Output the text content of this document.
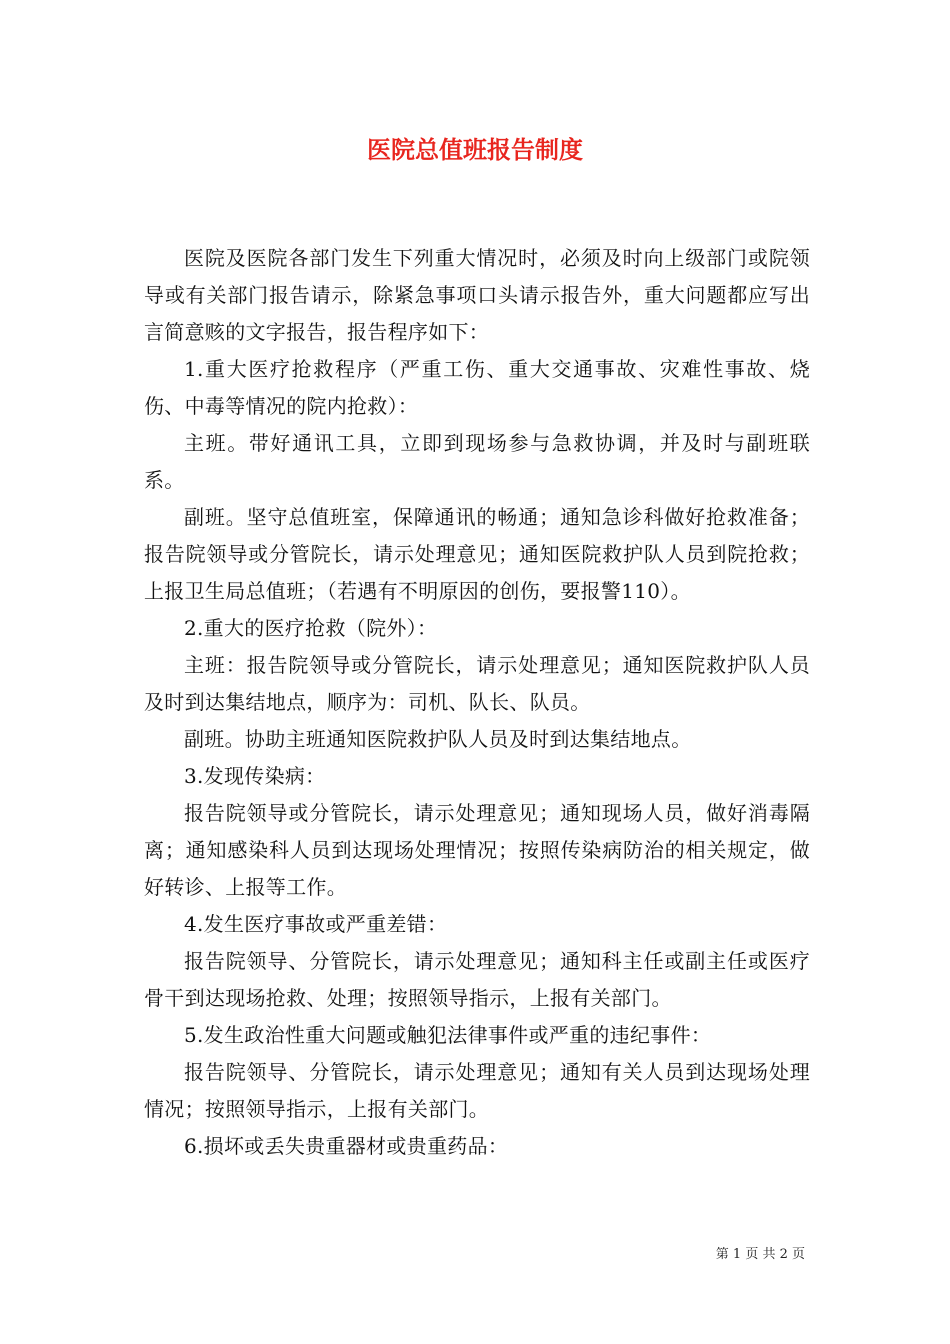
医院总值班报告制度

医院及医院各部门发生下列重大情况时，必须及时向上级部门或院领导或有关部门报告请示，除紧急事项口头请示报告外，重大问题都应写出言简意赅的文字报告，报告程序如下：

1.重大医疗抢救程序（严重工伤、重大交通事故、灾难性事故、烧伤、中毒等情况的院内抢救）：

主班。带好通讯工具，立即到现场参与急救协调，并及时与副班联系。

副班。坚守总值班室，保障通讯的畅通；通知急诊科做好抢救准备；报告院领导或分管院长，请示处理意见；通知医院救护队人员到院抢救；上报卫生局总值班；（若遇有不明原因的创伤，要报警110）。

2.重大的医疗抢救（院外）：

主班：报告院领导或分管院长，请示处理意见；通知医院救护队人员及时到达集结地点，顺序为：司机、队长、队员。

副班。协助主班通知医院救护队人员及时到达集结地点。

3.发现传染病：

报告院领导或分管院长，请示处理意见；通知现场人员，做好消毒隔离；通知感染科人员到达现场处理情况；按照传染病防治的相关规定，做好转诊、上报等工作。

4.发生医疗事故或严重差错：

报告院领导、分管院长，请示处理意见；通知科主任或副主任或医疗骨干到达现场抢救、处理；按照领导指示，上报有关部门。

5.发生政治性重大问题或触犯法律事件或严重的违纪事件：

报告院领导、分管院长，请示处理意见；通知有关人员到达现场处理情况；按照领导指示，上报有关部门。

6.损坏或丢失贵重器材或贵重药品：

第 1 页 共 2 页
